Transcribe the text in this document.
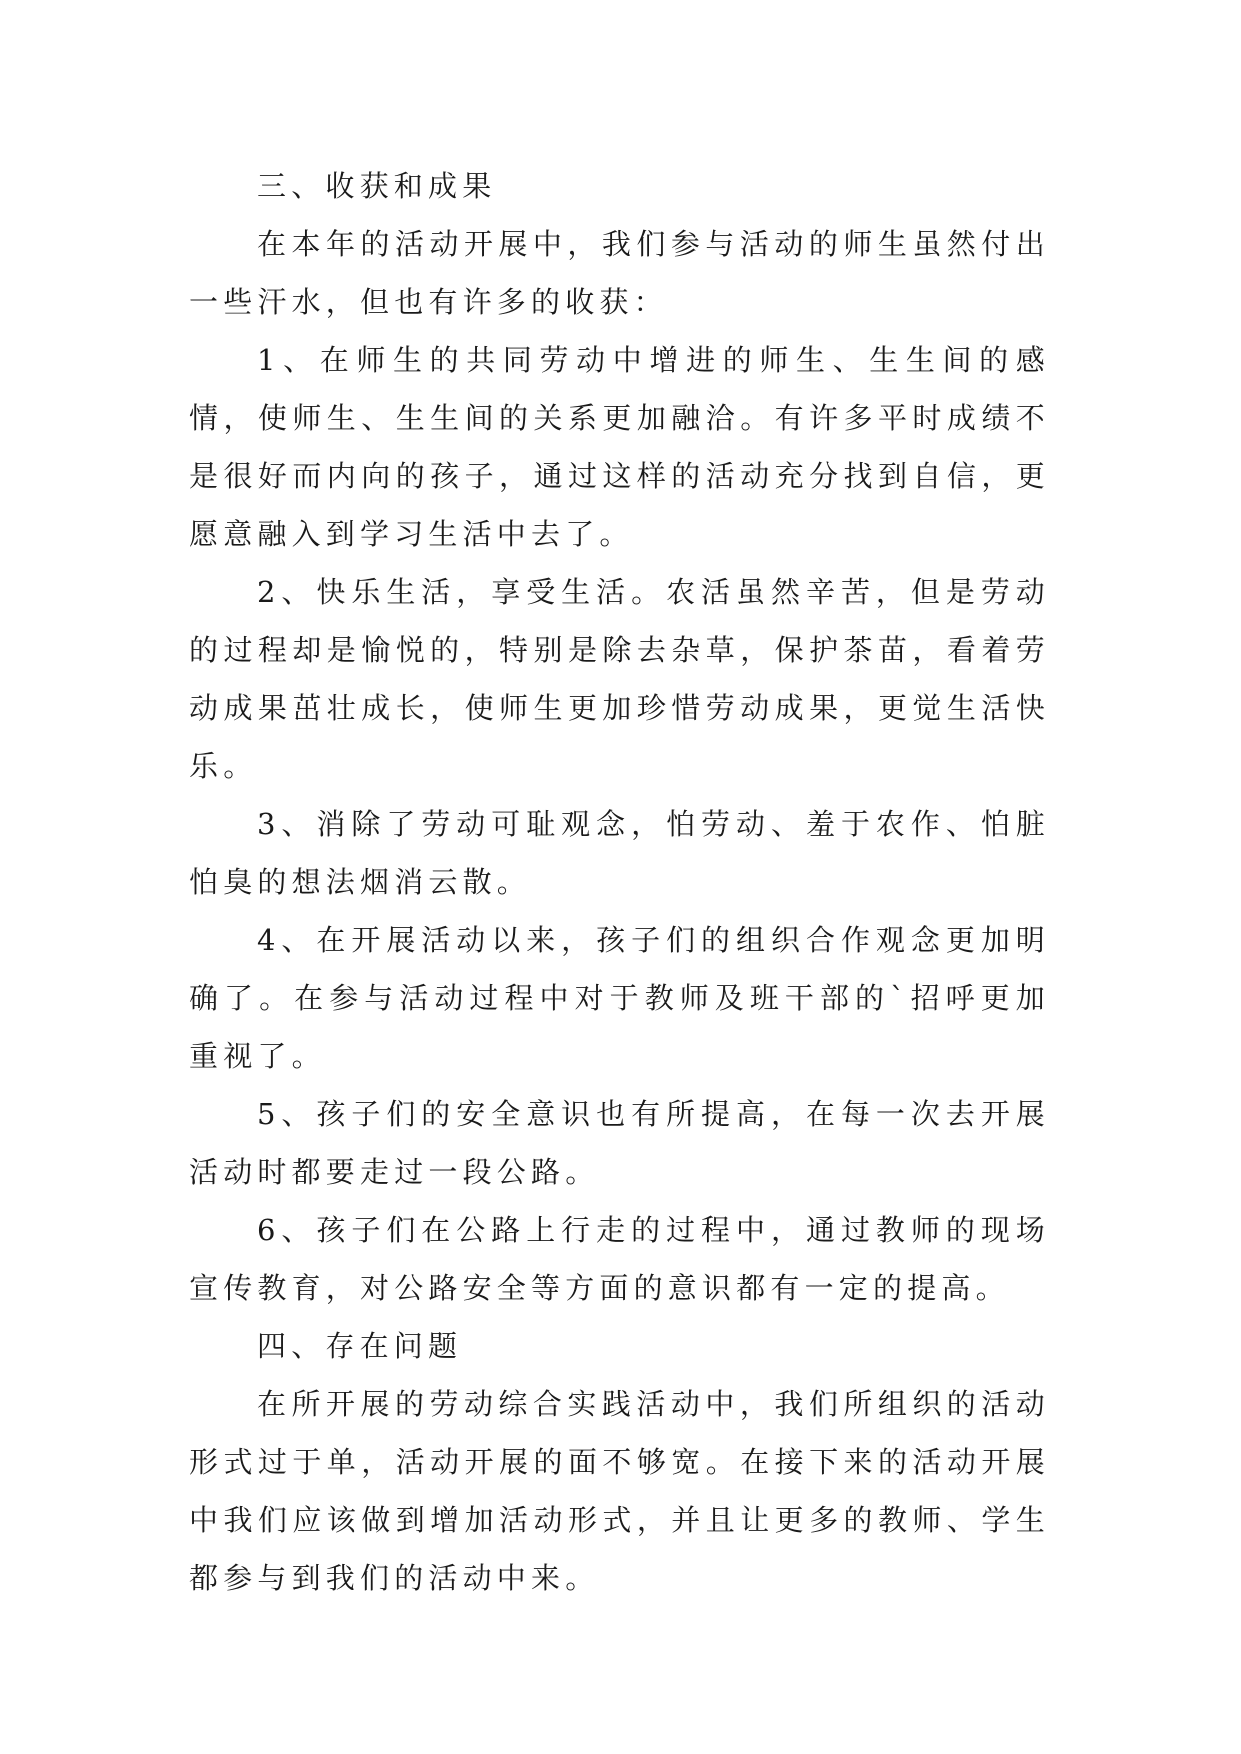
三、收获和成果

在本年的活动开展中，我们参与活动的师生虽然付出一些汗水，但也有许多的收获：

1、在师生的共同劳动中增进的师生、生生间的感情，使师生、生生间的关系更加融洽。有许多平时成绩不是很好而内向的孩子，通过这样的活动充分找到自信，更愿意融入到学习生活中去了。

2、快乐生活，享受生活。农活虽然辛苦，但是劳动的过程却是愉悦的，特别是除去杂草，保护茶苗，看着劳动成果茁壮成长，使师生更加珍惜劳动成果，更觉生活快乐。

3、消除了劳动可耻观念，怕劳动、羞于农作、怕脏怕臭的想法烟消云散。

4、在开展活动以来，孩子们的组织合作观念更加明确了。在参与活动过程中对于教师及班干部的`招呼更加重视了。

5、孩子们的安全意识也有所提高，在每一次去开展活动时都要走过一段公路。

6、孩子们在公路上行走的过程中，通过教师的现场宣传教育，对公路安全等方面的意识都有一定的提高。

四、存在问题

在所开展的劳动综合实践活动中，我们所组织的活动形式过于单，活动开展的面不够宽。在接下来的活动开展中我们应该做到增加活动形式，并且让更多的教师、学生都参与到我们的活动中来。
